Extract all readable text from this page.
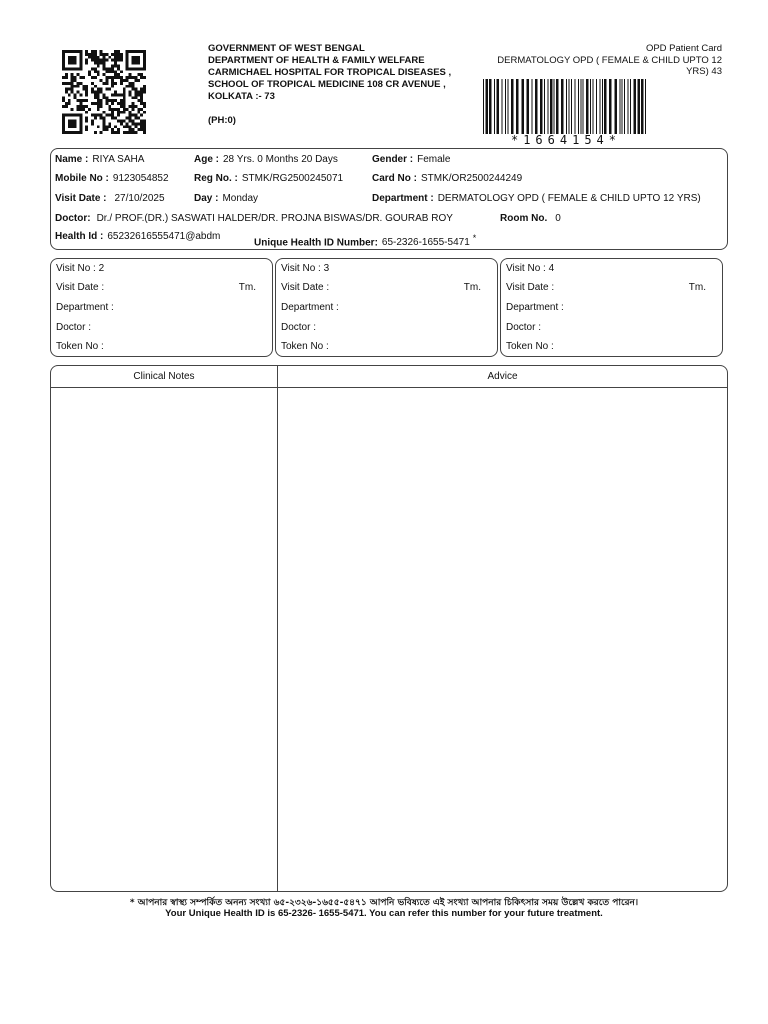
GOVERNMENT OF WEST BENGAL
DEPARTMENT OF HEALTH & FAMILY WELFARE
CARMICHAEL HOSPITAL FOR TROPICAL DISEASES ,
SCHOOL OF TROPICAL MEDICINE 108 CR AVENUE ,
KOLKATA :- 73
(PH:0)
OPD Patient Card
DERMATOLOGY OPD ( FEMALE & CHILD UPTO 12
YRS) 43
*1664154*
Name : RIYA SAHA	Age : 28 Yrs. 0 Months 20 Days	Gender : Female
Mobile No : 9123054852	Reg No. : STMK/RG2500245071	Card No : STMK/OR2500244249
Visit Date : 27/10/2025	Day : Monday	Department : DERMATOLOGY OPD ( FEMALE & CHILD UPTO 12 YRS)
Doctor: Dr./ PROF.(DR.) SASWATI HALDER/DR. PROJNA BISWAS/DR. GOURAB ROY	Room No. 0
Health Id : 65232616555471@abdm
Unique Health ID Number: 65-2326-1655-5471 *
Visit No : 2
Visit Date :	Tm.
Department :
Doctor :
Token No :
Visit No : 3
Visit Date :	Tm.
Department :
Doctor :
Token No :
Visit No : 4
Visit Date :	Tm.
Department :
Doctor :
Token No :
Clinical Notes	Advice
* আপনার স্বাস্থ্য সম্পর্কিত অনন্য সংখ্যা ৬৫-২৩২৬-১৬৫৫-৫৪৭১ আপনি ভবিষ্যতে এই সংখ্যা আপনার চিকিৎসার সময় উল্লেখ করতে পারেন।
Your Unique Health ID is 65-2326- 1655-5471. You can refer this number for your future treatment.
